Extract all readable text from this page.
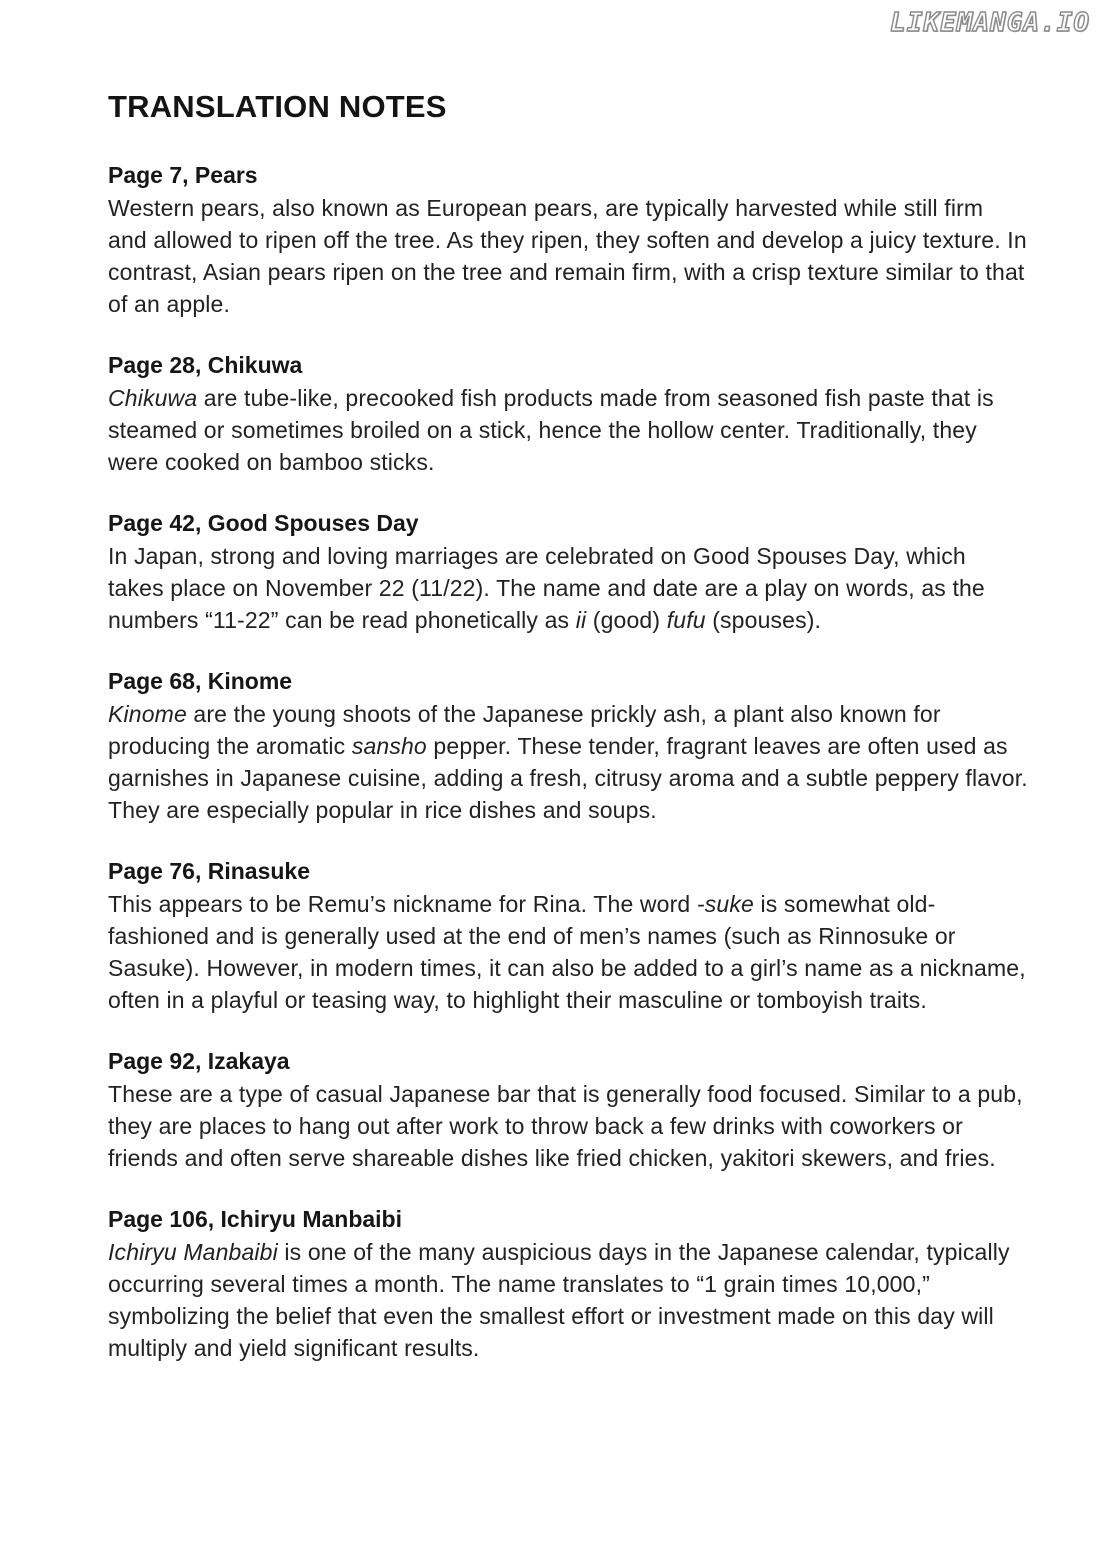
LIKEMANGA.IO
TRANSLATION NOTES
Page 7, Pears

Western pears, also known as European pears, are typically harvested while still firm and allowed to ripen off the tree. As they ripen, they soften and develop a juicy texture. In contrast, Asian pears ripen on the tree and remain firm, with a crisp texture similar to that of an apple.

Page 28, Chikuwa

Chikuwa are tube-like, precooked fish products made from seasoned fish paste that is steamed or sometimes broiled on a stick, hence the hollow center. Traditionally, they were cooked on bamboo sticks.

Page 42, Good Spouses Day

In Japan, strong and loving marriages are celebrated on Good Spouses Day, which takes place on November 22 (11/22). The name and date are a play on words, as the numbers “11-22” can be read phonetically as ii (good) fufu (spouses).

Page 68, Kinome

Kinome are the young shoots of the Japanese prickly ash, a plant also known for producing the aromatic sansho pepper. These tender, fragrant leaves are often used as garnishes in Japanese cuisine, adding a fresh, citrusy aroma and a subtle peppery flavor. They are especially popular in rice dishes and soups.

Page 76, Rinasuke

This appears to be Remu’s nickname for Rina. The word -suke is somewhat old-fashioned and is generally used at the end of men’s names (such as Rinnosuke or Sasuke). However, in modern times, it can also be added to a girl’s name as a nickname, often in a playful or teasing way, to highlight their masculine or tomboyish traits.

Page 92, Izakaya

These are a type of casual Japanese bar that is generally food focused. Similar to a pub, they are places to hang out after work to throw back a few drinks with coworkers or friends and often serve shareable dishes like fried chicken, yakitori skewers, and fries.

Page 106, Ichiryu Manbaibi

Ichiryu Manbaibi is one of the many auspicious days in the Japanese calendar, typically occurring several times a month. The name translates to “1 grain times 10,000,” symbolizing the belief that even the smallest effort or investment made on this day will multiply and yield significant results.
